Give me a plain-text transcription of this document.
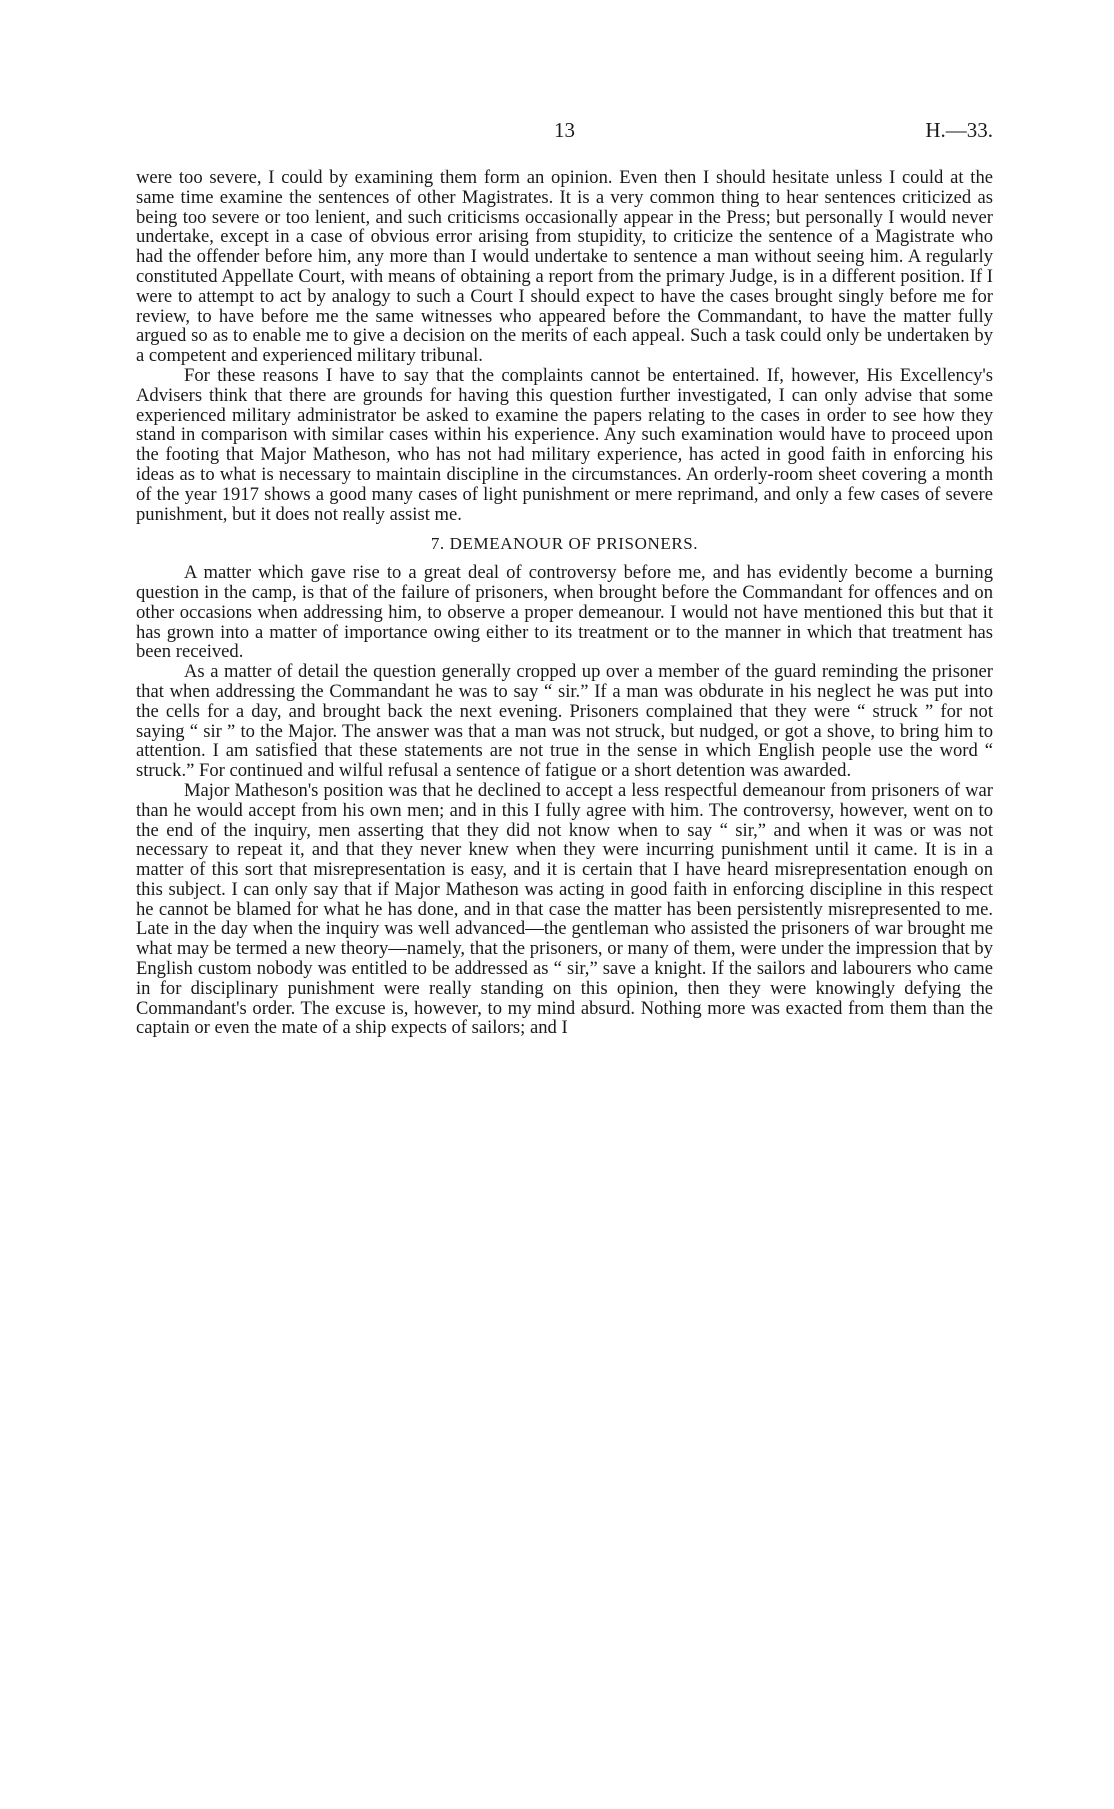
13	H.—33.

were too severe, I could by examining them form an opinion. Even then I should hesitate unless I could at the same time examine the sentences of other Magistrates. It is a very common thing to hear sentences criticized as being too severe or too lenient, and such criticisms occasionally appear in the Press; but personally I would never undertake, except in a case of obvious error arising from stupidity, to criticize the sentence of a Magistrate who had the offender before him, any more than I would undertake to sentence a man without seeing him. A regularly constituted Appellate Court, with means of obtaining a report from the primary Judge, is in a different position. If I were to attempt to act by analogy to such a Court I should expect to have the cases brought singly before me for review, to have before me the same witnesses who appeared before the Commandant, to have the matter fully argued so as to enable me to give a decision on the merits of each appeal. Such a task could only be undertaken by a competent and experienced military tribunal.

For these reasons I have to say that the complaints cannot be entertained. If, however, His Excellency's Advisers think that there are grounds for having this question further investigated, I can only advise that some experienced military administrator be asked to examine the papers relating to the cases in order to see how they stand in comparison with similar cases within his experience. Any such examination would have to proceed upon the footing that Major Matheson, who has not had military experience, has acted in good faith in enforcing his ideas as to what is necessary to maintain discipline in the circumstances. An orderly-room sheet covering a month of the year 1917 shows a good many cases of light punishment or mere reprimand, and only a few cases of severe punishment, but it does not really assist me.

7. DEMEANOUR OF PRISONERS.

A matter which gave rise to a great deal of controversy before me, and has evidently become a burning question in the camp, is that of the failure of prisoners, when brought before the Commandant for offences and on other occasions when addressing him, to observe a proper demeanour. I would not have mentioned this but that it has grown into a matter of importance owing either to its treatment or to the manner in which that treatment has been received.

As a matter of detail the question generally cropped up over a member of the guard reminding the prisoner that when addressing the Commandant he was to say “ sir.” If a man was obdurate in his neglect he was put into the cells for a day, and brought back the next evening. Prisoners complained that they were “ struck ” for not saying “ sir ” to the Major. The answer was that a man was not struck, but nudged, or got a shove, to bring him to attention. I am satisfied that these statements are not true in the sense in which English people use the word “ struck.” For continued and wilful refusal a sentence of fatigue or a short detention was awarded.

Major Matheson's position was that he declined to accept a less respectful demeanour from prisoners of war than he would accept from his own men; and in this I fully agree with him. The controversy, however, went on to the end of the inquiry, men asserting that they did not know when to say “ sir,” and when it was or was not necessary to repeat it, and that they never knew when they were incurring punishment until it came. It is in a matter of this sort that misrepresentation is easy, and it is certain that I have heard misrepresentation enough on this subject. I can only say that if Major Matheson was acting in good faith in enforcing discipline in this respect he cannot be blamed for what he has done, and in that case the matter has been persistently misrepresented to me. Late in the day when the inquiry was well advanced—the gentleman who assisted the prisoners of war brought me what may be termed a new theory—namely, that the prisoners, or many of them, were under the impression that by English custom nobody was entitled to be addressed as “ sir,” save a knight. If the sailors and labourers who came in for disciplinary punishment were really standing on this opinion, then they were knowingly defying the Commandant's order. The excuse is, however, to my mind absurd. Nothing more was exacted from them than the captain or even the mate of a ship expects of sailors; and I
